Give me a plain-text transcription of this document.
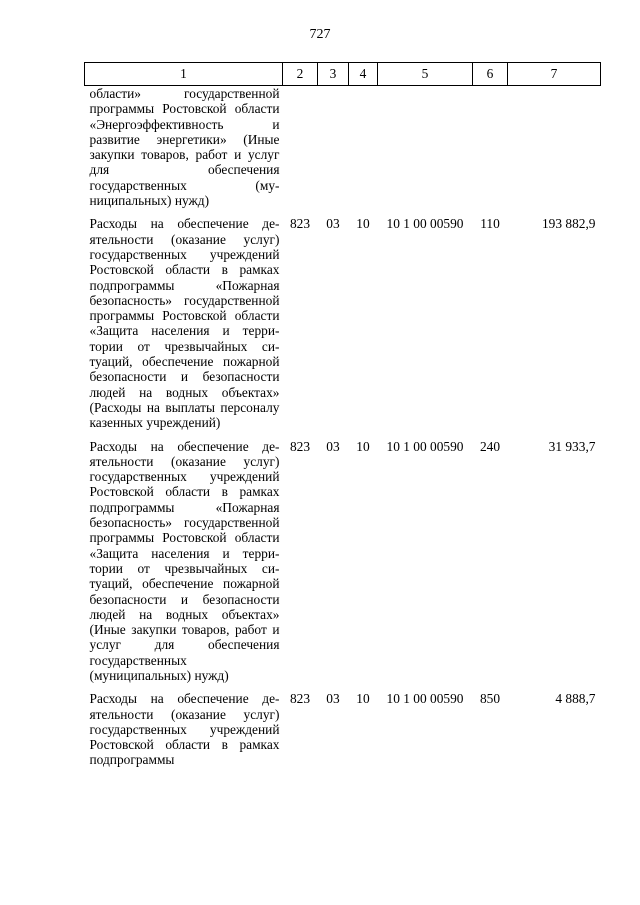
727
1	2	3	4	5	6	7
области» государственной программы Ростовской области «Энергоэффективность и развитие энергетики» (Иные закупки товаров, работ и услуг для обеспечения государственных (муниципальных) нужд)						
Расходы на обеспечение деятельности (оказание услуг) государственных учреждений Ростовской области в рамках подпрограммы «Пожарная безопасность» государственной программы Ростовской области «Защита населения и территории от чрезвычайных ситуаций, обеспечение пожарной безопасности и безопасности людей на водных объектах» (Расходы на выплаты персоналу казенных учреждений)	823	03	10	10 1 00 00590	110	193 882,9
Расходы на обеспечение деятельности (оказание услуг) государственных учреждений Ростовской области в рамках подпрограммы «Пожарная безопасность» государственной программы Ростовской области «Защита населения и территории от чрезвычайных ситуаций, обеспечение пожарной безопасности и безопасности людей на водных объектах» (Иные закупки товаров, работ и услуг для обеспечения государственных (муниципальных) нужд)	823	03	10	10 1 00 00590	240	31 933,7
Расходы на обеспечение деятельности (оказание услуг) государственных учреждений Ростовской области в рамках подпрограммы	823	03	10	10 1 00 00590	850	4 888,7
